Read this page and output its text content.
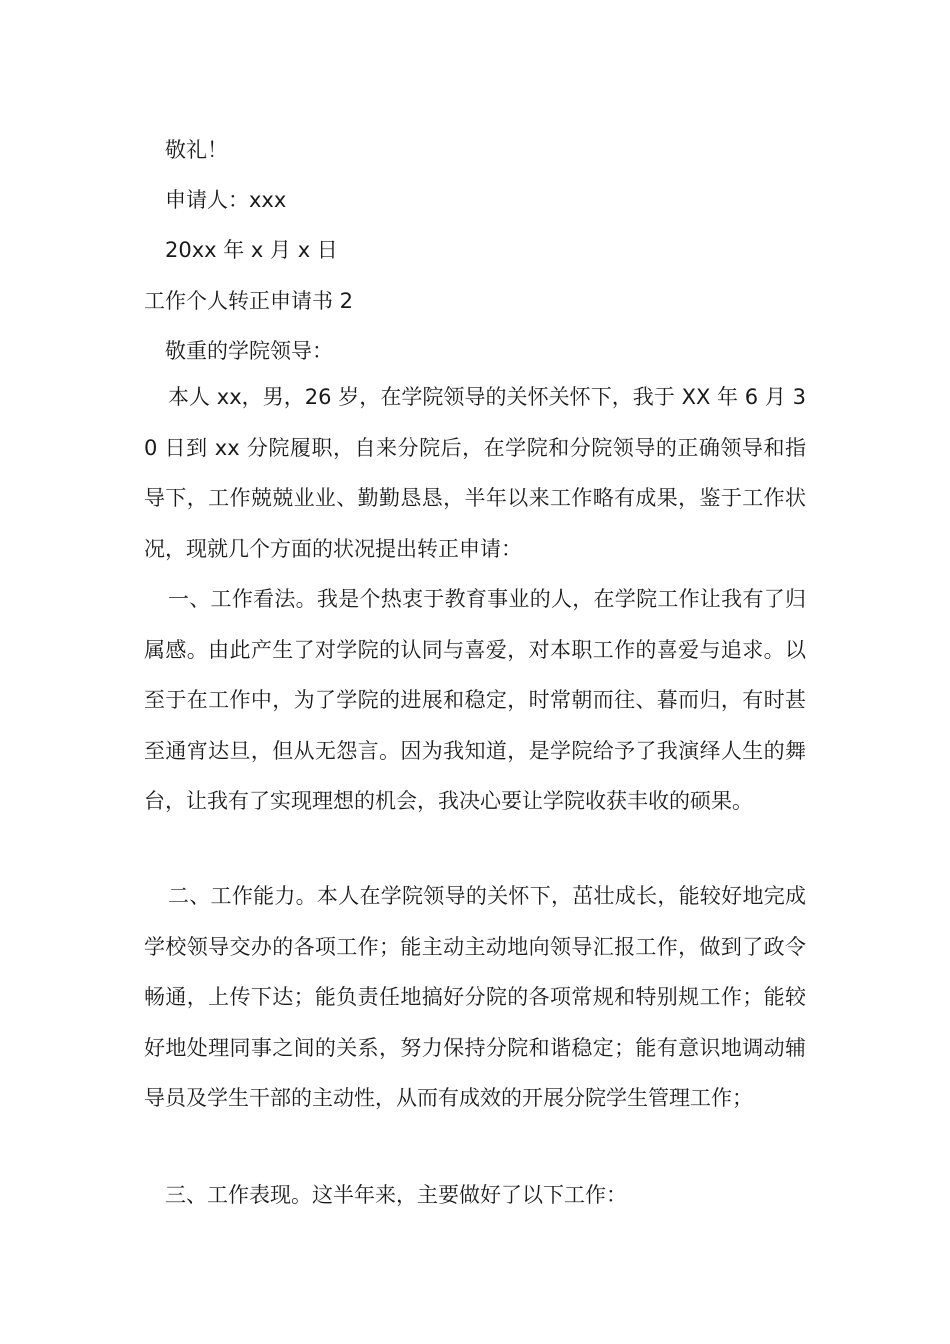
敬礼！
申请人：xxx
20xx 年 x 月 x 日
工作个人转正申请书 2
敬重的学院领导：

本人 xx，男，26 岁，在学院领导的关怀关怀下，我于 XX 年 6 月 30 日到 xx 分院履职，自来分院后，在学院和分院领导的正确领导和指导下，工作兢兢业业、勤勤恳恳，半年以来工作略有成果，鉴于工作状况，现就几个方面的状况提出转正申请：

一、工作看法。我是个热衷于教育事业的人，在学院工作让我有了归属感。由此产生了对学院的认同与喜爱，对本职工作的喜爱与追求。以至于在工作中，为了学院的进展和稳定，时常朝而往、暮而归，有时甚至通宵达旦，但从无怨言。因为我知道，是学院给予了我演绎人生的舞台，让我有了实现理想的机会，我决心要让学院收获丰收的硕果。

二、工作能力。本人在学院领导的关怀下，茁壮成长，能较好地完成学校领导交办的各项工作；能主动主动地向领导汇报工作，做到了政令畅通，上传下达；能负责任地搞好分院的各项常规和特别规工作；能较好地处理同事之间的关系，努力保持分院和谐稳定；能有意识地调动辅导员及学生干部的主动性，从而有成效的开展分院学生管理工作；

三、工作表现。这半年来，主要做好了以下工作：
